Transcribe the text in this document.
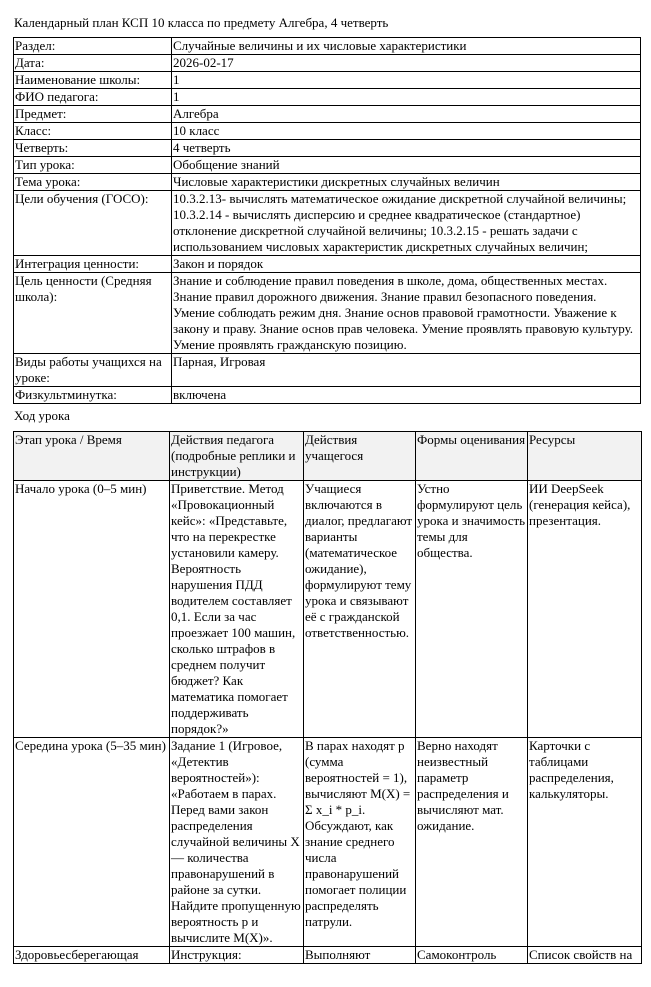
Календарный план КСП 10 класса по предмету Алгебра, 4 четверть
Раздел:	Случайные величины и их числовые характеристики
Дата:	2026-02-17
Наименование школы:	1
ФИО педагога:	1
Предмет:	Алгебра
Класс:	10 класс
Четверть:	4 четверть
Тип урока:	Обобщение знаний
Тема урока:	Числовые характеристики дискретных случайных величин
Цели обучения (ГОСО):	10.3.2.13- вычислять математическое ожидание дискретной случайной величины; 10.3.2.14 - вычислять дисперсию и среднее квадратическое (стандартное) отклонение дискретной случайной величины; 10.3.2.15 - решать задачи с использованием числовых характеристик дискретных случайных величин;
Интеграция ценности:	Закон и порядок
Цель ценности (Средняя школа):	Знание и соблюдение правил поведения в школе, дома, общественных местах. Знание правил дорожного движения. Знание правил безопасного поведения. Умение соблюдать режим дня. Знание основ правовой грамотности. Уважение к закону и праву. Знание основ прав человека. Умение проявлять правовую культуру. Умение проявлять гражданскую позицию.
Виды работы учащихся на уроке:	Парная, Игровая
Физкультминутка:	включена
Ход урока
Этап урока / Время	Действия педагога (подробные реплики и инструкции)	Действия учащегося	Формы оценивания	Ресурсы
Начало урока (0–5 мин)	Приветствие. Метод «Провокационный кейс»: «Представьте, что на перекрестке установили камеру. Вероятность нарушения ПДД водителем составляет 0,1. Если за час проезжает 100 машин, сколько штрафов в среднем получит бюджет? Как математика помогает поддерживать порядок?»	Учащиеся включаются в диалог, предлагают варианты (математическое ожидание), формулируют тему урока и связывают её с гражданской ответственностью.	Устно формулируют цель урока и значимость темы для общества.	ИИ DeepSeek (генерация кейса), презентация.
Середина урока (5–35 мин)	Задание 1 (Игровое, «Детектив вероятностей»): «Работаем в парах. Перед вами закон распределения случайной величины X — количества правонарушений в районе за сутки. Найдите пропущенную вероятность p и вычислите M(X)».	В парах находят p (сумма вероятностей = 1), вычисляют M(X) = Σ x_i * p_i. Обсуждают, как знание среднего числа правонарушений помогает полиции распределять патрули.	Верно находят неизвестный параметр распределения и вычисляют мат. ожидание.	Карточки с таблицами распределения, калькуляторы.
Здоровьесберегающая	Инструкция:	Выполняют	Самоконтроль	Список свойств на
